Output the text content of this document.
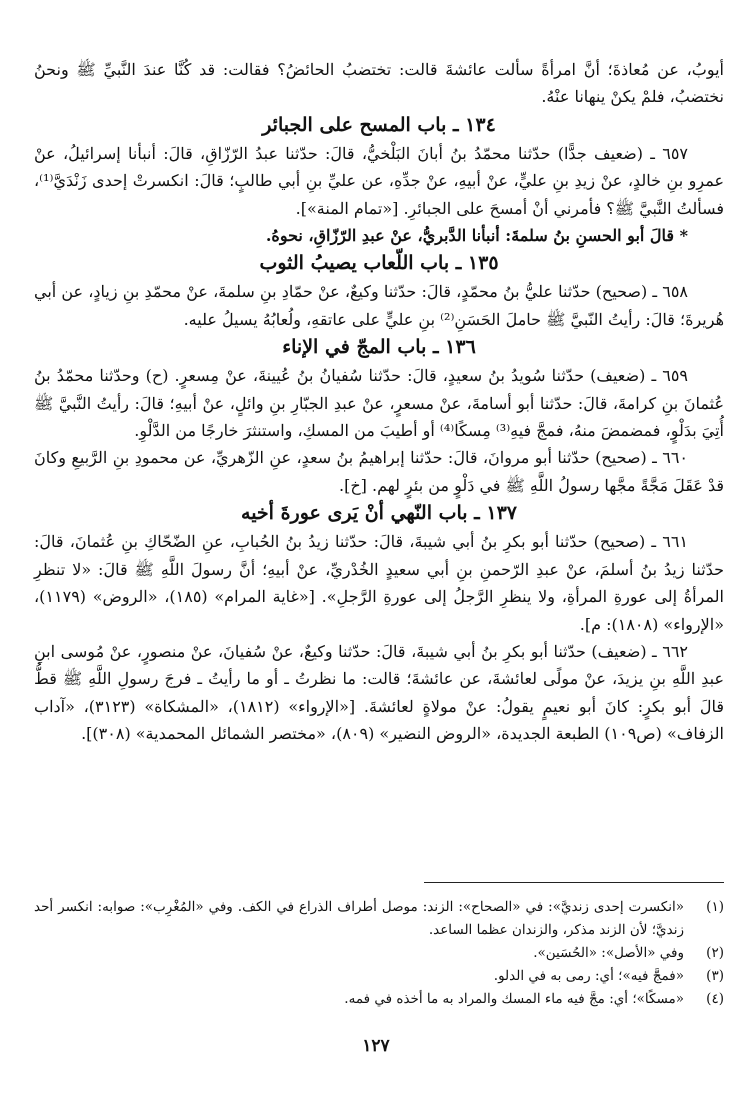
أيوبُ، عن مُعاذةَ؛ أنَّ امرأةً سألت عائشةَ قالت: تختضبُ الحائضُ؟ فقالت: قد كُنَّا عندَ النَّبيِّ ﷺ ونحنُ نختضبُ، فلمْ يكنْ ينهانا عنْهُ.

١٣٤ ـ باب المسح على الجبائر

٦٥٧ ـ (ضعيف جدًّا) حدّثنا محمّدُ بنُ أبانَ البَلْخيُّ، قالَ: حدّثنا عبدُ الرّزّاقِ، قالَ: أنبأنا إسرائيلُ، عنْ عمرِو بنِ خالدٍ، عنْ زيدِ بنِ عليٍّ، عنْ أبيهِ، عنْ جدِّهِ، عن عليِّ بنِ أبي طالبٍ؛ قالَ: انكسرتْ إحدى زَنْدَيَّ⁽¹⁾، فسألتُ النَّبيَّ ﷺ؟ فأمرني أنْ أمسحَ على الجبائرِ. [«تمام المنة»].

* قالَ أبو الحسنِ بنُ سلمةَ: أنبأنا الدَّبريُّ، عنْ عبدِ الرّزّاقِ، نحوهُ.

١٣٥ ـ باب اللّعاب يصيبُ الثوب

٦٥٨ ـ (صحيح) حدّثنا عليُّ بنُ محمّدٍ، قالَ: حدّثنا وكيعٌ، عنْ حمّادِ بنِ سلمةَ، عنْ محمّدِ بنِ زيادٍ، عن أبي هُريرةَ؛ قالَ: رأيتُ النّبيَّ ﷺ حاملَ الحَسَنِ⁽²⁾ بنِ عليٍّ على عاتقهِ، ولُعابُهُ يسيلُ عليه.

١٣٦ ـ باب المجّ في الإناء

٦٥٩ ـ (ضعيف) حدّثنا سُويدُ بنُ سعيدٍ، قالَ: حدّثنا سُفيانُ بنُ عُيينةَ، عنْ مِسعرٍ. (ح) وحدّثنا محمّدُ بنُ عُثمانَ بنِ كرامةَ، قالَ: حدّثنا أبو أسامةَ، عنْ مسعرٍ، عنْ عبدِ الجبّارِ بنِ وائلٍ، عنْ أبيهِ؛ قالَ: رأيتُ النَّبيَّ ﷺ أُتِيَ بدَلْوٍ، فمضمضَ منهُ، فمجَّ فيهِ⁽³⁾ مِسكًا⁽⁴⁾ أو أطيبَ من المسكِ، واستنثرَ خارجًا من الدَّلْوِ.

٦٦٠ ـ (صحيح) حدّثنا أبو مروانَ، قالَ: حدّثنا إبراهيمُ بنُ سعدٍ، عنِ الزّهريِّ، عن محمودِ بنِ الرَّبيعِ وكانَ قدْ عَقَلَ مَجَّةً مجَّها رسولُ اللَّهِ ﷺ في دَلْوٍ من بئرٍ لهم. [خ].

١٣٧ ـ باب النّهي أنْ يَرى عورةَ أخيه

٦٦١ ـ (صحيح) حدّثنا أبو بكرِ بنُ أبي شيبةَ، قالَ: حدّثنا زيدُ بنُ الحُبابِ، عنِ الضّحّاكِ بنِ عُثمانَ، قالَ: حدّثنا زيدُ بنُ أسلمَ، عنْ عبدِ الرّحمنِ بنِ أبي سعيدٍ الخُدْريِّ، عنْ أبيهِ؛ أنَّ رسولَ اللَّهِ ﷺ قالَ: «لا تنظرِ المرأةُ إلى عورةِ المرأةِ، ولا ينظرِ الرَّجلُ إلى عورةِ الرَّجلِ». [«غاية المرام» (١٨٥)، «الروض» (١١٧٩)، «الإرواء» (١٨٠٨): م].

٦٦٢ ـ (ضعيف) حدّثنا أبو بكرِ بنُ أبي شيبةَ، قالَ: حدّثنا وكيعٌ، عنْ سُفيانَ، عنْ منصورٍ، عنْ مُوسى ابنِ عبدِ اللَّهِ بنِ يزيدَ، عنْ مولًى لعائشةَ، عن عائشةَ؛ قالت: ما نظرتُ ـ أو ما رأيتُ ـ فرجَ رسولِ اللَّهِ ﷺ قطُّ قالَ أبو بكرٍ: كانَ أبو نعيمٍ يقولُ: عنْ مولاةٍ لعائشةَ. [«الإرواء» (١٨١٢)، «المشكاة» (٣١٢٣)، «آداب الزفاف» (ص١٠٩) الطبعة الجديدة، «الروض النضير» (٨٠٩)، «مختصر الشمائل المحمدية» (٣٠٨)].

(١)
«انكسرت إحدى زنديَّ»: في «الصحاح»: الزند: موصل أطراف الذراع في الكف. وفي «المُغْرِب»: صوابه: انكسر أحد زنديَّ؛ لأن الزند مذكر، والزندان عظما الساعد.
(٢)
وفي «الأصل»: «الحُسَين».
(٣)
«فمجَّ فيه»؛ أي: رمى به في الدلو.
(٤)
«مسكًا»؛ أي: مجَّ فيه ماء المسك والمراد به ما أخذه في فمه.
١٢٧
